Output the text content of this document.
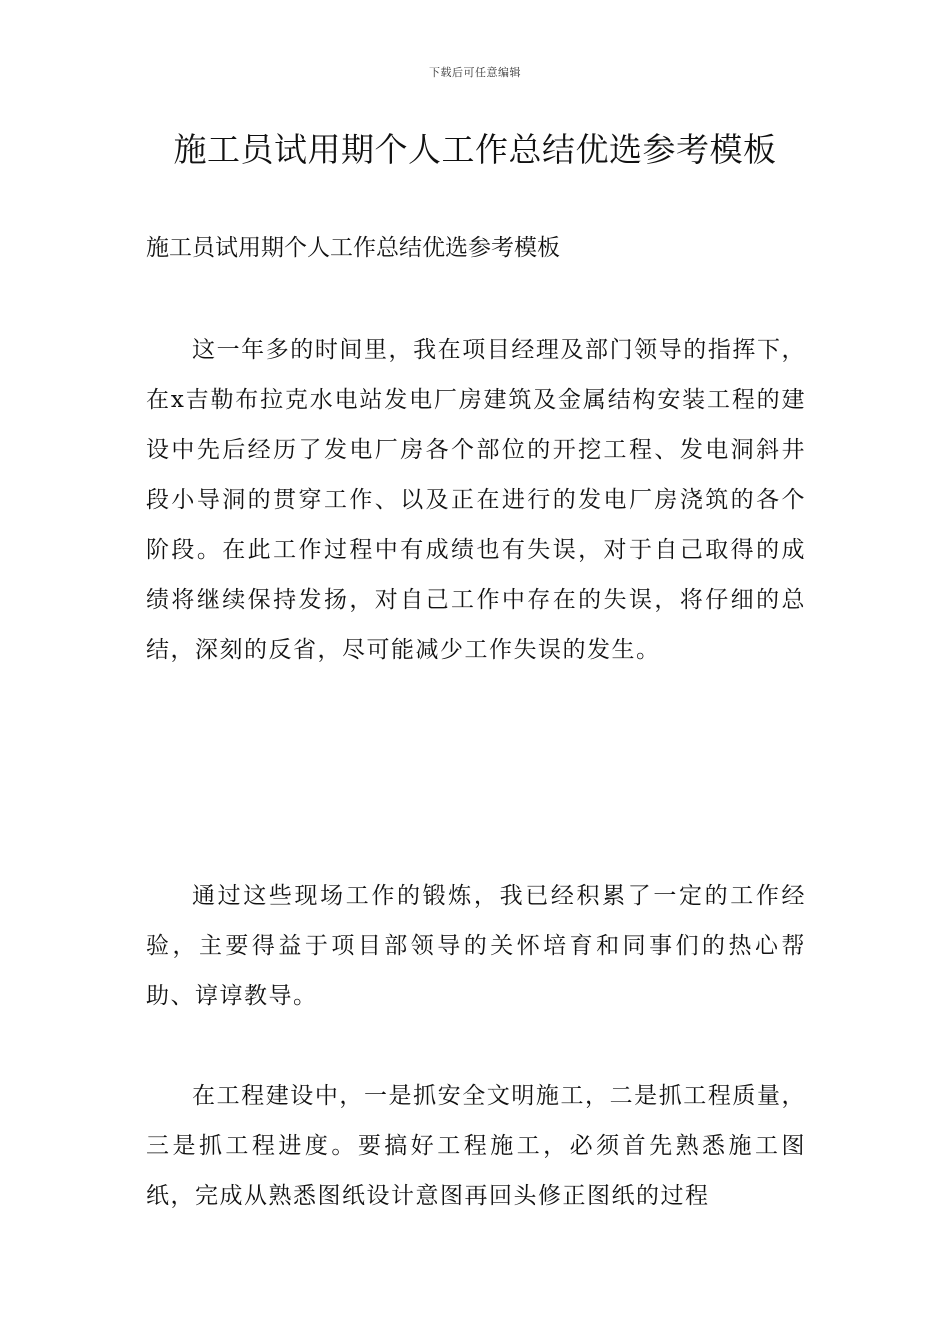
下载后可任意编辑
施工员试用期个人工作总结优选参考模板

施工员试用期个人工作总结优选参考模板

这一年多的时间里，我在项目经理及部门领导的指挥下，在x吉勒布拉克水电站发电厂房建筑及金属结构安装工程的建设中先后经历了发电厂房各个部位的开挖工程、发电洞斜井段小导洞的贯穿工作、以及正在进行的发电厂房浇筑的各个阶段。在此工作过程中有成绩也有失误，对于自己取得的成绩将继续保持发扬，对自己工作中存在的失误，将仔细的总结，深刻的反省，尽可能减少工作失误的发生。

通过这些现场工作的锻炼，我已经积累了一定的工作经验，主要得益于项目部领导的关怀培育和同事们的热心帮助、谆谆教导。

在工程建设中，一是抓安全文明施工，二是抓工程质量，三是抓工程进度。要搞好工程施工，必须首先熟悉施工图纸，完成从熟悉图纸设计意图再回头修正图纸的过程
